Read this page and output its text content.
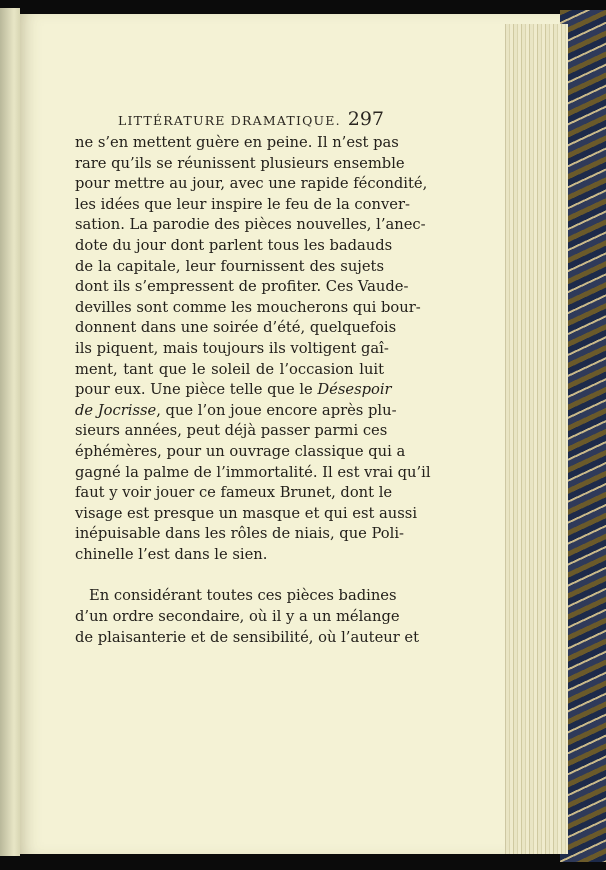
LITTÉRATURE DRAMATIQUE. 297
ne s’en mettent guère en peine. Il n’est pas
rare qu’ils se réunissent plusieurs ensemble
pour mettre au jour, avec une rapide fécondité,
les idées que leur inspire le feu de la conver-
sation. La parodie des pièces nouvelles, l’anec-
dote du jour dont parlent tous les badauds
de la capitale, leur fournissent des sujets
dont ils s’empressent de profiter. Ces Vaude-
devilles sont comme les moucherons qui bour-
donnent dans une soirée d’été, quelquefois
ils piquent, mais toujours ils voltigent gaî-
ment, tant que le soleil de l’occasion luit
pour eux. Une pièce telle que le Désespoir
de Jocrisse, que l’on joue encore après plu-
sieurs années, peut déjà passer parmi ces
éphémères, pour un ouvrage classique qui a
gagné la palme de l’immortalité. Il est vrai qu’il
faut y voir jouer ce fameux Brunet, dont le
visage est presque un masque et qui est aussi
inépuisable dans les rôles de niais, que Poli-
chinelle l’est dans le sien.
En considérant toutes ces pièces badines
d’un ordre secondaire, où il y a un mélange
de plaisanterie et de sensibilité, où l’auteur et
